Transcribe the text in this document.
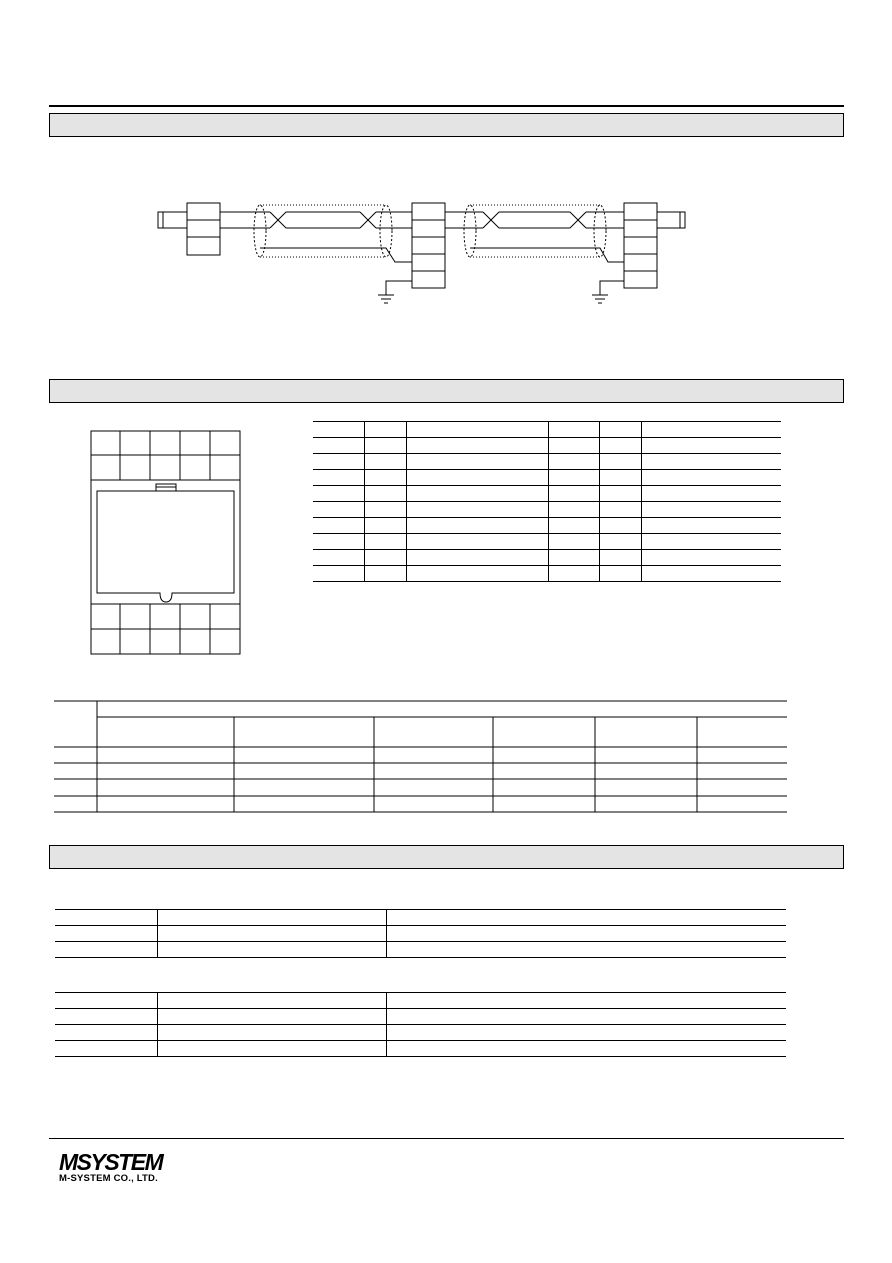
MSYSTEM
M-SYSTEM CO., LTD.
